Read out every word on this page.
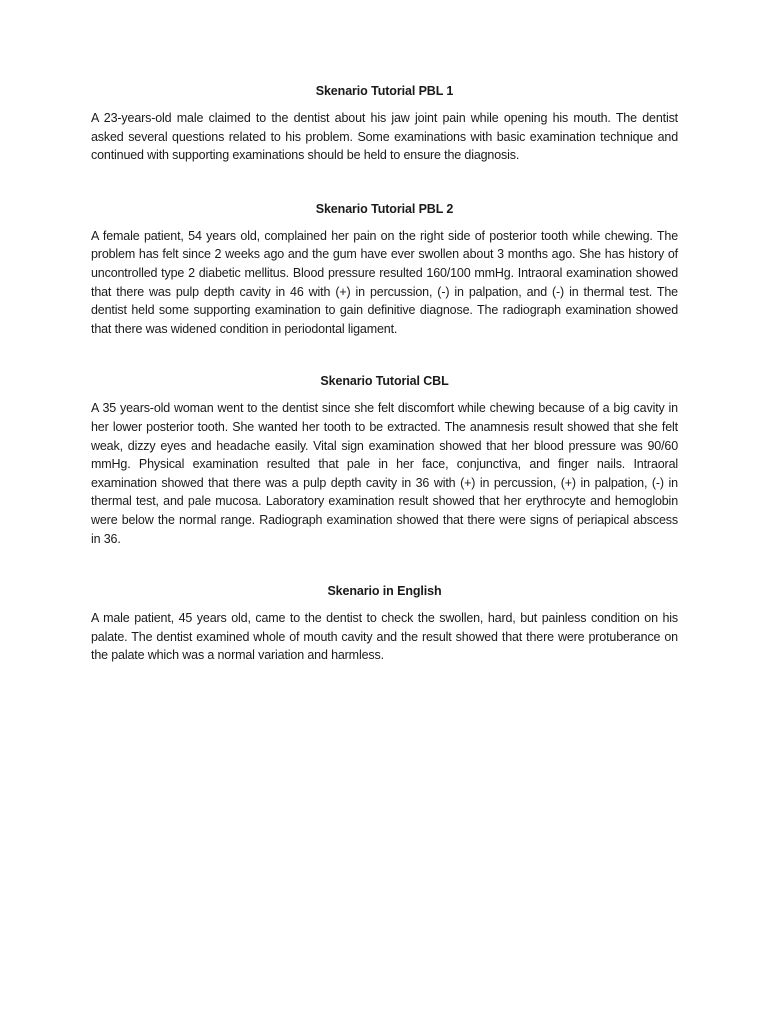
Skenario Tutorial PBL 1

A 23-years-old male claimed to the dentist about his jaw joint pain while opening his mouth. The dentist asked several questions related to his problem. Some examinations with basic examination technique and continued with supporting examinations should be held to ensure the diagnosis.

Skenario Tutorial PBL 2

A female patient, 54 years old, complained her pain on the right side of posterior tooth while chewing. The problem has felt since 2 weeks ago and the gum have ever swollen about 3 months ago. She has history of uncontrolled type 2 diabetic mellitus. Blood pressure resulted 160/100 mmHg. Intraoral examination showed that there was pulp depth cavity in 46 with (+) in percussion, (-) in palpation, and (-) in thermal test. The dentist held some supporting examination to gain definitive diagnose. The radiograph examination showed that there was widened condition in periodontal ligament.

Skenario Tutorial CBL

A 35 years-old woman went to the dentist since she felt discomfort while chewing because of a big cavity in her lower posterior tooth. She wanted her tooth to be extracted. The anamnesis result showed that she felt weak, dizzy eyes and headache easily. Vital sign examination showed that her blood pressure was 90/60 mmHg. Physical examination resulted that pale in her face, conjunctiva, and finger nails. Intraoral examination showed that there was a pulp depth cavity in 36 with (+) in percussion, (+) in palpation, (-) in thermal test, and pale mucosa. Laboratory examination result showed that her erythrocyte and hemoglobin were below the normal range. Radiograph examination showed that there were signs of periapical abscess in 36.

Skenario in English

A male patient, 45 years old, came to the dentist to check the swollen, hard, but painless condition on his palate. The dentist examined whole of mouth cavity and the result showed that there were protuberance on the palate which was a normal variation and harmless.
